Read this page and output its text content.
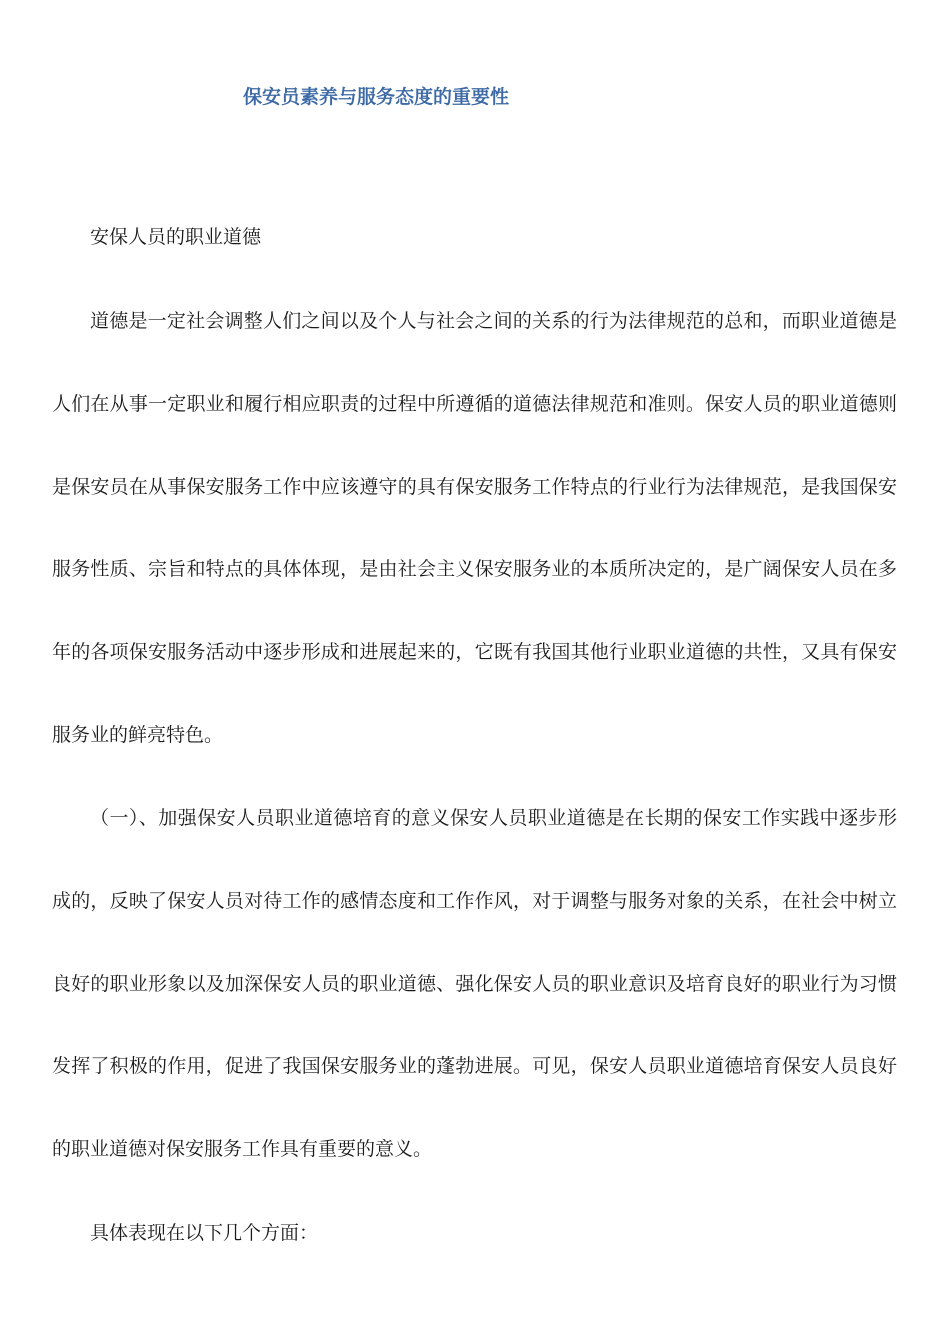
保安员素养与服务态度的重要性

安保人员的职业道德

道德是一定社会调整人们之间以及个人与社会之间的关系的行为法律规范的总和，而职业道德是人们在从事一定职业和履行相应职责的过程中所遵循的道德法律规范和准则。保安人员的职业道德则是保安员在从事保安服务工作中应该遵守的具有保安服务工作特点的行业行为法律规范，是我国保安服务性质、宗旨和特点的具体体现，是由社会主义保安服务业的本质所决定的，是广阔保安人员在多年的各项保安服务活动中逐步形成和进展起来的，它既有我国其他行业职业道德的共性，又具有保安服务业的鲜亮特色。

（一）、加强保安人员职业道德培育的意义保安人员职业道德是在长期的保安工作实践中逐步形成的，反映了保安人员对待工作的感情态度和工作作风，对于调整与服务对象的关系，在社会中树立良好的职业形象以及加深保安人员的职业道德、强化保安人员的职业意识及培育良好的职业行为习惯发挥了积极的作用，促进了我国保安服务业的蓬勃进展。可见，保安人员职业道德培育保安人员良好的职业道德对保安服务工作具有重要的意义。

具体表现在以下几个方面：
